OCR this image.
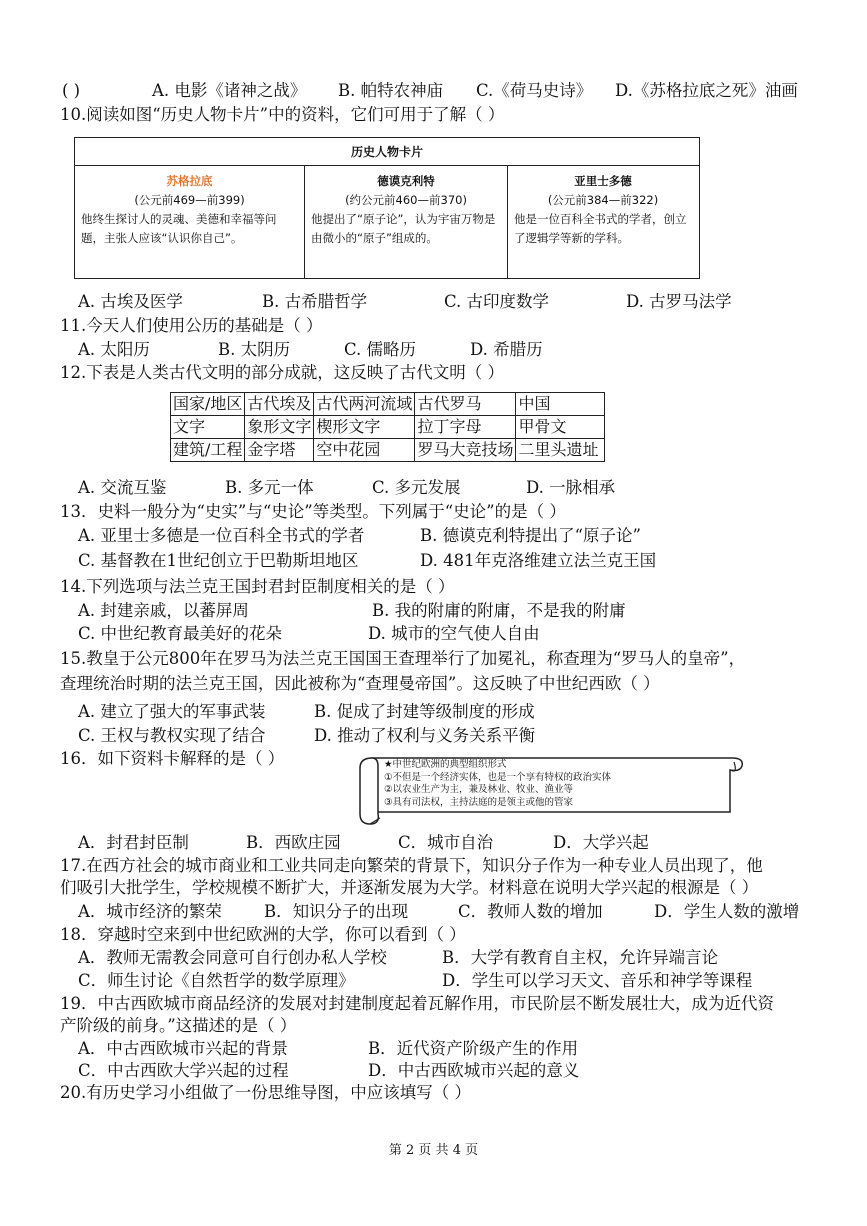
( )	A. 电影《诸神之战》 B. 帕特农神庙 C.《荷马史诗》 D.《苏格拉底之死》油画
10.阅读如图“历史人物卡片”中的资料，它们可用于了解（ ）
历史人物卡片
苏格拉底
(公元前469—前399)
他终生探讨人的灵魂、美德和幸福等问题，主张人应该“认识你自己”。
德谟克利特
(约公元前460—前370)
他提出了“原子论”，认为宇宙万物是由微小的“原子”组成的。
亚里士多德
(公元前384—前322)
他是一位百科全书式的学者，创立了逻辑学等新的学科。
A. 古埃及医学	B. 古希腊哲学	C. 古印度数学	D. 古罗马法学
11.今天人们使用公历的基础是（ ）
A. 太阳历	B. 太阴历	C. 儒略历	D. 希腊历
12.下表是人类古代文明的部分成就，这反映了古代文明（ ）
国家/地区	古代埃及	古代两河流域	古代罗马	中国
文字	象形文字	楔形文字	拉丁字母	甲骨文
建筑/工程	金字塔	空中花园	罗马大竞技场	二里头遗址
A. 交流互鉴	B. 多元一体	C. 多元发展	D. 一脉相承
13．史料一般分为“史实”与“史论”等类型。下列属于“史论”的是（ ）
A. 亚里士多德是一位百科全书式的学者	B. 德谟克利特提出了“原子论”
C. 基督教在1世纪创立于巴勒斯坦地区	D. 481年克洛维建立法兰克王国
14.下列选项与法兰克王国封君封臣制度相关的是（ ）
A. 封建亲戚，以蕃屏周	B. 我的附庸的附庸，不是我的附庸
C. 中世纪教育最美好的花朵	D. 城市的空气使人自由
15.教皇于公元800年在罗马为法兰克王国国王查理举行了加冕礼，称查理为“罗马人的皇帝”，
查理统治时期的法兰克王国，因此被称为“查理曼帝国”。这反映了中世纪西欧（ ）
A. 建立了强大的军事武装	B. 促成了封建等级制度的形成
C. 王权与教权实现了结合	D. 推动了权利与义务关系平衡
16．如下资料卡解释的是（ ）	★中世纪欧洲的典型组织形式
①不但是一个经济实体，也是一个享有特权的政治实体
②以农业生产为主，兼及林业、牧业、渔业等
③具有司法权，主持法庭的是领主或他的管家
A．封君封臣制	B．西欧庄园	C．城市自治	D．大学兴起
17.在西方社会的城市商业和工业共同走向繁荣的背景下，知识分子作为一种专业人员出现了，他
们吸引大批学生，学校规模不断扩大，并逐渐发展为大学。材料意在说明大学兴起的根源是（ ）
A．城市经济的繁荣	B．知识分子的出现	C．教师人数的增加	D．学生人数的激增
18．穿越时空来到中世纪欧洲的大学，你可以看到（ ）
A．教师无需教会同意可自行创办私人学校	B．大学有教育自主权，允许异端言论
C．师生讨论《自然哲学的数学原理》	D．学生可以学习天文、音乐和神学等课程
19．中古西欧城市商品经济的发展对封建制度起着瓦解作用，市民阶层不断发展壮大，成为近代资
产阶级的前身。”这描述的是（ ）
A．中古西欧城市兴起的背景	B．近代资产阶级产生的作用
C．中古西欧大学兴起的过程	D．中古西欧城市兴起的意义
20.有历史学习小组做了一份思维导图，中应该填写（ ）
第 2 页 共 4 页
